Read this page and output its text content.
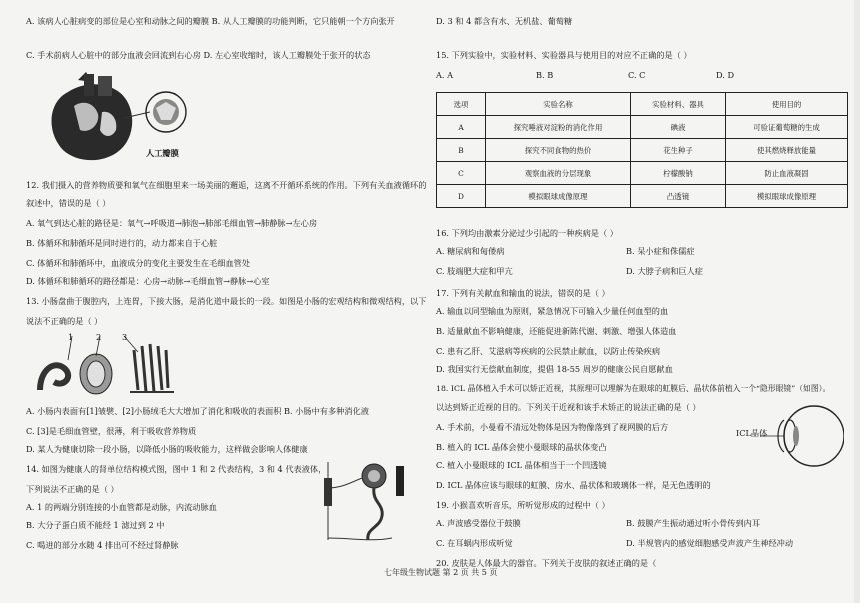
A. 该病人心脏病变的部位是心室和动脉之间的瓣膜 B. 从人工瓣膜的功能判断，它只能朝一个方向张开
C. 手术前病人心脏中的部分血液会回流到右心房 D. 左心室收缩时，该人工瓣膜处于张开的状态
人工瓣膜
12. 我们摄入的营养物质要和氧气在细胞里来一场美丽的邂逅，这离不开循环系统的作用。下列有关血液循环的
叙述中，错误的是（ ）
A. 氧气到达心脏的路径是：氧气→呼吸道→肺泡→肺部毛细血管→肺静脉→左心房
B. 体循环和肺循环是同时进行的，动力都来自于心脏
C. 体循环和肺循环中，血液成分的变化主要发生在毛细血管处
D. 体循环和肺循环的路径都是：心房→动脉→毛细血管→静脉→心室
13. 小肠盘曲于腹腔内，上连胃，下接大肠，是消化道中最长的一段。如图是小肠的宏观结构和微观结构，以下
说法不正确的是（ ）
1	2	3
A. 小肠内表面有[1]皱襞、[2]小肠绒毛大大增加了消化和吸收的表面积 B. 小肠中有多种消化液
C. [3]是毛细血管壁，很薄，利于吸收营养物质
D. 某人为健康切除一段小肠，以降低小肠的吸收能力，这样做会影响人体健康
14. 如图为健康人的肾单位结构模式图，图中 1 和 2 代表结构，3 和 4 代表液体，
下列说法不正确的是（ ）
A. 1 的两端分别连接的小血管都是动脉，内流动脉血
B. 大分子蛋白质不能经 1 滤过到 2 中
C. 喝进的部分水随 4 排出可不经过肾静脉
D. 3 和 4 都含有水、无机盐、葡萄糖
15. 下列实验中，实验材料、实验器具与使用目的对应不正确的是（ ）
A. A	B. B	C. C	D. D
选项	实验名称	实验材料、器具	使用目的
A	探究唾液对淀粉的消化作用	碘液	可验证葡萄糖的生成
B	探究不同食物的热价	花生种子	使其燃烧释放能量
C	观察血液的分层现象	柠檬酸钠	防止血液凝固
D	模拟眼球成像原理	凸透镜	模拟眼球成像原理
16. 下列均由激素分泌过少引起的一种疾病是（ ）
A. 糖尿病和甸偻病	B. 呆小症和侏儒症
C. 肢端肥大症和甲亢	D. 大脖子病和巨人症
17. 下列有关献血和输血的说法，错误的是（ ）
A. 输血以同型输血为原则，紧急情况下可输入少量任何血型的血
B. 适量献血不影响健康，还能促进新陈代谢、刺激、增强人体造血
C. 患有乙肝、艾滋病等疾病的公民禁止献血，以防止传染疾病
D. 我国实行无偿献血制度，提倡 18-55 周岁的健康公民自愿献血
18. ICL 晶体植入手术可以矫正近视，其原理可以理解为在眼球的虹膜后、晶状体前植入一个“隐形眼镜”（如图）。
以达到矫正近视的目的。下列关于近视和该手术矫正的说法正确的是（ ）
A. 手术前，小曼看不清远处物体是因为物像落到了视网膜的后方
B. 植入的 ICL 晶体会使小曼眼球的晶状体变凸
C. 植入小曼眼球的 ICL 晶体相当于一个凹透镜
D. ICL 晶体应该与眼球的虹膜、房水、晶状体和玻璃体一样，是无色透明的
ICL晶体
19. 小猴喜欢听音乐，所听觉形成的过程中（ ）
A. 声波感受器位于鼓膜	B. 鼓膜产生振动通过听小骨传到内耳
C. 在耳蜗内形成听觉	D. 半规管内的感觉细胞感受声波产生神经冲动
20. 皮肤是人体最大的器官。下列关于皮肤的叙述正确的是（
七年级生物试题 第 2 页 共 5 页
